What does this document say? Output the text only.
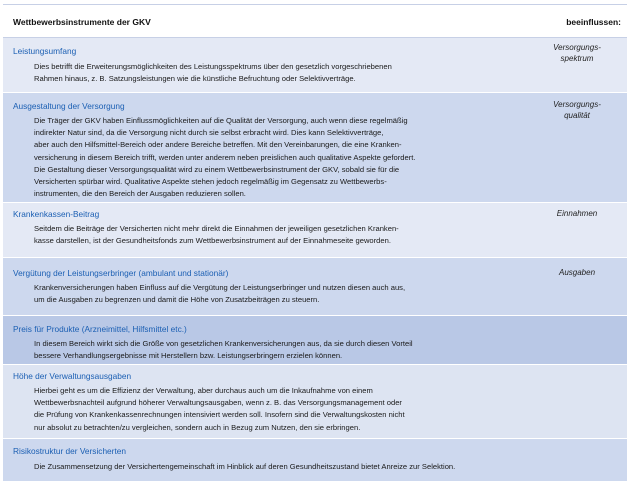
Wettbewerbsinstrumente der GKV	beeinflussen:
Leistungsumfang
Dies betrifft die Erweiterungsmöglichkeiten des Leistungsspektrums über den gesetzlich vorgeschriebenen
Rahmen hinaus, z. B. Satzungsleistungen wie die künstliche Befruchtung oder Selektivverträge.
Versorgungs-
spektrum
Ausgestaltung der Versorgung
Die Träger der GKV haben Einflussmöglichkeiten auf die Qualität der Versorgung, auch wenn diese regelmäßig
indirekter Natur sind, da die Versorgung nicht durch sie selbst erbracht wird. Dies kann Selektivverträge,
aber auch den Hilfsmittel-Bereich oder andere Bereiche betreffen. Mit den Vereinbarungen, die eine Kranken-
versicherung in diesem Bereich trifft, werden unter anderem neben preislichen auch qualitative Aspekte gefordert.
Die Gestaltung dieser Versorgungsqualität wird zu einem Wettbewerbsinstrument der GKV, sobald sie für die
Versicherten spürbar wird. Qualitative Aspekte stehen jedoch regelmäßig im Gegensatz zu Wettbewerbs-
instrumenten, die den Bereich der Ausgaben reduzieren sollen.
Versorgungs-
qualität
Krankenkassen-Beitrag
Seitdem die Beiträge der Versicherten nicht mehr direkt die Einnahmen der jeweiligen gesetzlichen Kranken-
kasse darstellen, ist der Gesundheitsfonds zum Wettbewerbsinstrument auf der Einnahmeseite geworden.
Einnahmen
Vergütung der Leistungserbringer (ambulant und stationär)
Krankenversicherungen haben Einfluss auf die Vergütung der Leistungserbringer und nutzen diesen auch aus,
um die Ausgaben zu begrenzen und damit die Höhe von Zusatzbeiträgen zu steuern.
Ausgaben
Preis für Produkte (Arzneimittel, Hilfsmittel etc.)
In diesem Bereich wirkt sich die Größe von gesetzlichen Krankenversicherungen aus, da sie durch diesen Vorteil
bessere Verhandlungsergebnisse mit Herstellern bzw. Leistungserbringern erzielen können.
Höhe der Verwaltungsausgaben
Hierbei geht es um die Effizienz der Verwaltung, aber durchaus auch um die Inkaufnahme von einem
Wettbewerbsnachteil aufgrund höherer Verwaltungsausgaben, wenn z. B. das Versorgungsmanagement oder
die Prüfung von Krankenkassenrechnungen intensiviert werden soll. Insofern sind die Verwaltungskosten nicht
nur absolut zu betrachten/zu vergleichen, sondern auch in Bezug zum Nutzen, den sie erbringen.
Risikostruktur der Versicherten
Die Zusammensetzung der Versichertengemeinschaft im Hinblick auf deren Gesundheitszustand bietet Anreize zur Selektion.
